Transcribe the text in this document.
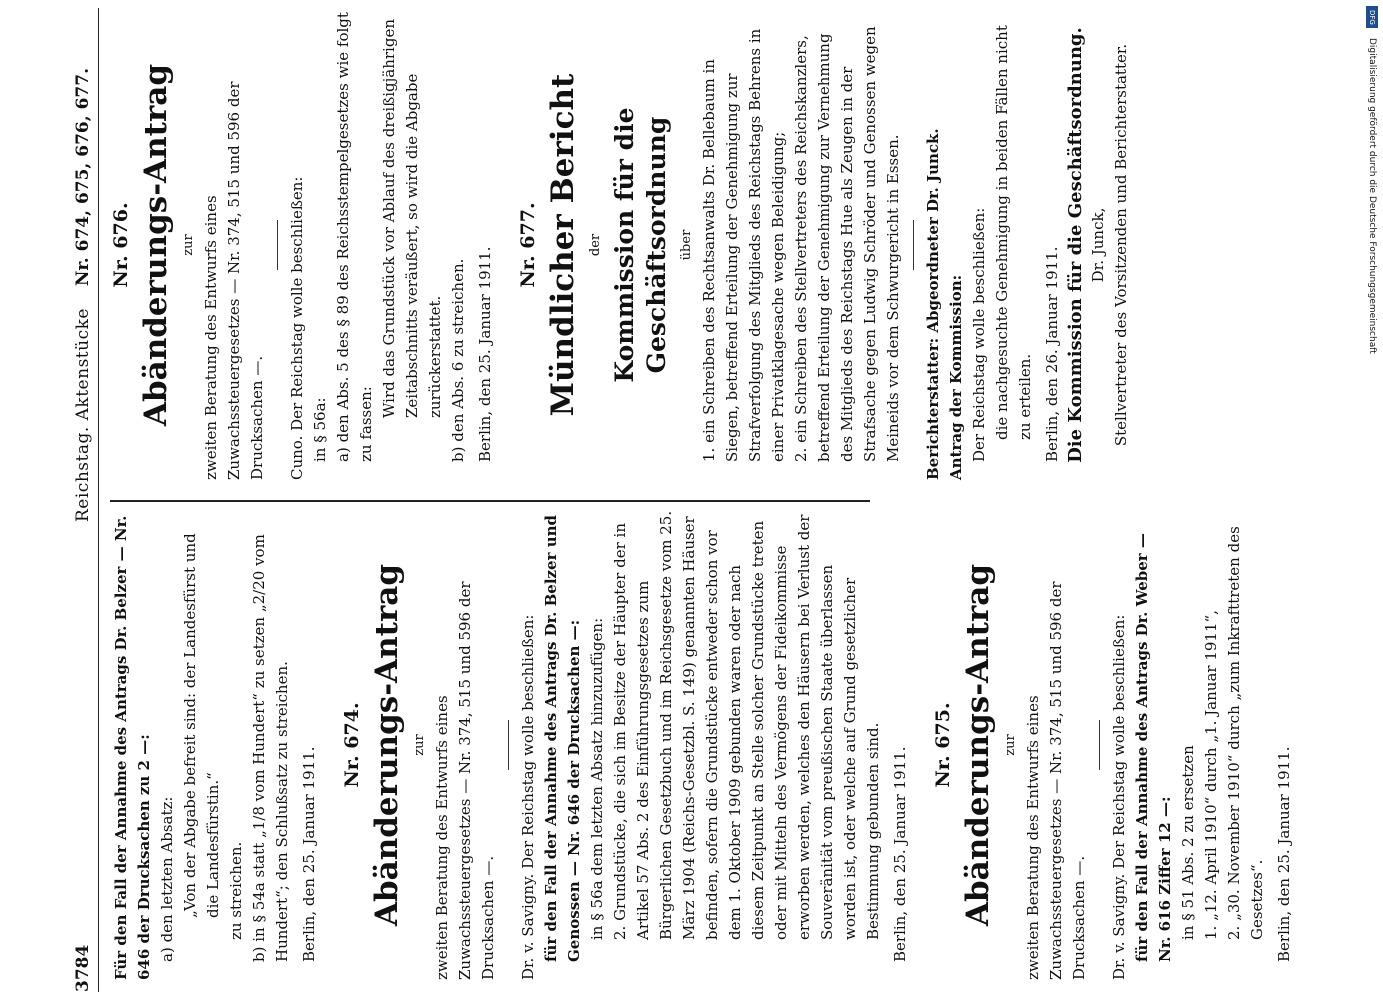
3784
Reichstag. Aktenstücke
Nr. 674, 675, 676, 677.

Für den Fall der Annahme des Antrags Dr. Belzer — Nr. 646 der Drucksachen zu 2 —: a) den letzten Absatz: „Von der Abgabe befreit sind: der Landesfürst und die Landesfürstin.“ zu streichen. b) in § 54a statt „1/8 vom Hundert“ zu setzen „2/20 vom Hundert“; den Schlußsatz zu streichen. Berlin, den 25. Januar 1911.

Nr. 674. Abänderungs-Antrag zur zweiten Beratung des Entwurfs eines Zuwachssteuergesetzes — Nr. 374, 515 und 596 der Drucksachen —. Dr. v. Savigny. Der Reichstag wolle beschließen: für den Fall der Annahme des Antrags Dr. Belzer und Genossen — Nr. 646 der Drucksachen —: in § 56a dem letzten Absatz hinzuzufügen: 2. Grundstücke, die sich im Besitze der Häupter der in Artikel 57 Abs. 2 des Einführungsgesetzes zum Bürgerlichen Gesetzbuch und im Reichsgesetze vom 25. März 1904 (Reichs-Gesetzbl. S. 149) genannten Häuser befinden, sofern die Grundstücke entweder schon vor dem 1. Oktober 1909 gebunden waren oder nach diesem Zeitpunkt an Stelle solcher Grundstücke treten oder mit Mitteln des Vermögens der Fideikommisse erworben werden, welches den Häusern bei Verlust der Souveränität vom preußischen Staate überlassen worden ist, oder welche auf Grund gesetzlicher Bestimmung gebunden sind. Berlin, den 25. Januar 1911.

Nr. 675. Abänderungs-Antrag zur zweiten Beratung des Entwurfs eines Zuwachssteuergesetzes — Nr. 374, 515 und 596 der Drucksachen —. Dr. v. Savigny. Der Reichstag wolle beschließen: für den Fall der Annahme des Antrags Dr. Weber — Nr. 616 Ziffer 12 —: in § 51 Abs. 2 zu ersetzen 1. „12. April 1910“ durch „1. Januar 1911“, 2. „30. November 1910“ durch „zum Inkrafttreten des Gesetzes“. Berlin, den 25. Januar 1911.

Nr. 676. Abänderungs-Antrag zur zweiten Beratung des Entwurfs eines Zuwachssteuergesetzes — Nr. 374, 515 und 596 der Drucksachen —. Cuno. Der Reichstag wolle beschließen: in § 56a: a) den Abs. 5 des § 89 des Reichsstempelgesetzes wie folgt zu fassen:

Wird das Grundstück vor Ablauf des dreißigjährigen Zeitabschnitts veräußert, so wird die Abgabe zurückerstattet. b) den Abs. 6 zu streichen. Berlin, den 25. Januar 1911.

Nr. 677. Mündlicher Bericht der Kommission für die Geschäftsordnung über 1. ein Schreiben des Rechtsanwalts Dr. Bellebaum in Siegen, betreffend Erteilung der Genehmigung zur Strafverfolgung des Mitglieds des Reichstags Behrens in einer Privatklagesache wegen Beleidigung; 2. ein Schreiben des Stellvertreters des Reichskanzlers, betreffend Erteilung der Genehmigung zur Vernehmung des Mitglieds des Reichstags Hue als Zeugen in der Strafsache gegen Ludwig Schröder und Genossen wegen Meineids vor dem Schwurgericht in Essen. Berichterstatter: Abgeordneter Dr. Junck. Antrag der Kommission: Der Reichstag wolle beschließen: die nachgesuchte Genehmigung in beiden Fällen nicht zu erteilen. Berlin, den 26. Januar 1911. Die Kommission für die Geschäftsordnung. Dr. Junck, Stellvertreter des Vorsitzenden und Berichterstatter.	Digitalisierung gefördert durch die Deutsche Forschungsgemeinschaft
DFG
